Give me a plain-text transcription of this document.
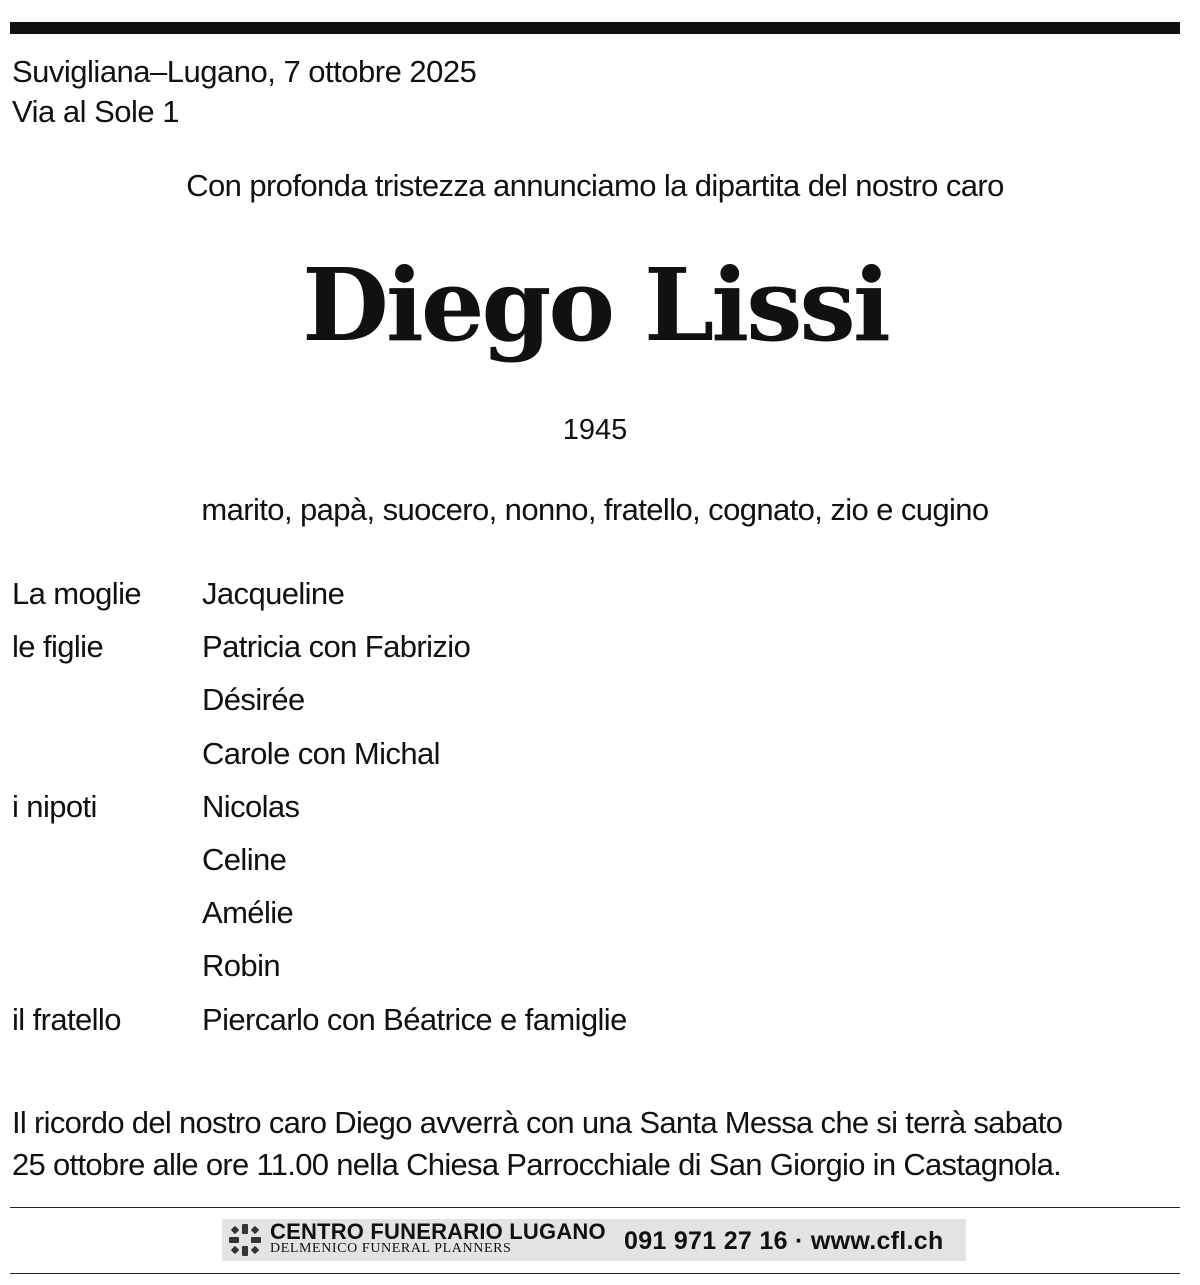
Suvigliana–Lugano, 7 ottobre 2025
Via al Sole 1
Con profonda tristezza annunciamo la dipartita del nostro caro
Diego Lissi
1945
marito, papà, suocero, nonno, fratello, cognato, zio e cugino
La moglie Jacqueline
le figlie	Patricia con Fabrizio
Désirée
Carole con Michal
i nipoti	Nicolas
Celine
Amélie
Robin
il fratello	Piercarlo con Béatrice e famiglie
Il ricordo del nostro caro Diego avverrà con una Santa Messa che si terrà sabato
25 ottobre alle ore 11.00 nella Chiesa Parrocchiale di San Giorgio in Castagnola.
CENTRO FUNERARIO LUGANO
DELMENICO FUNERAL PLANNERS	091 971 27 16 · www.cfl.ch
